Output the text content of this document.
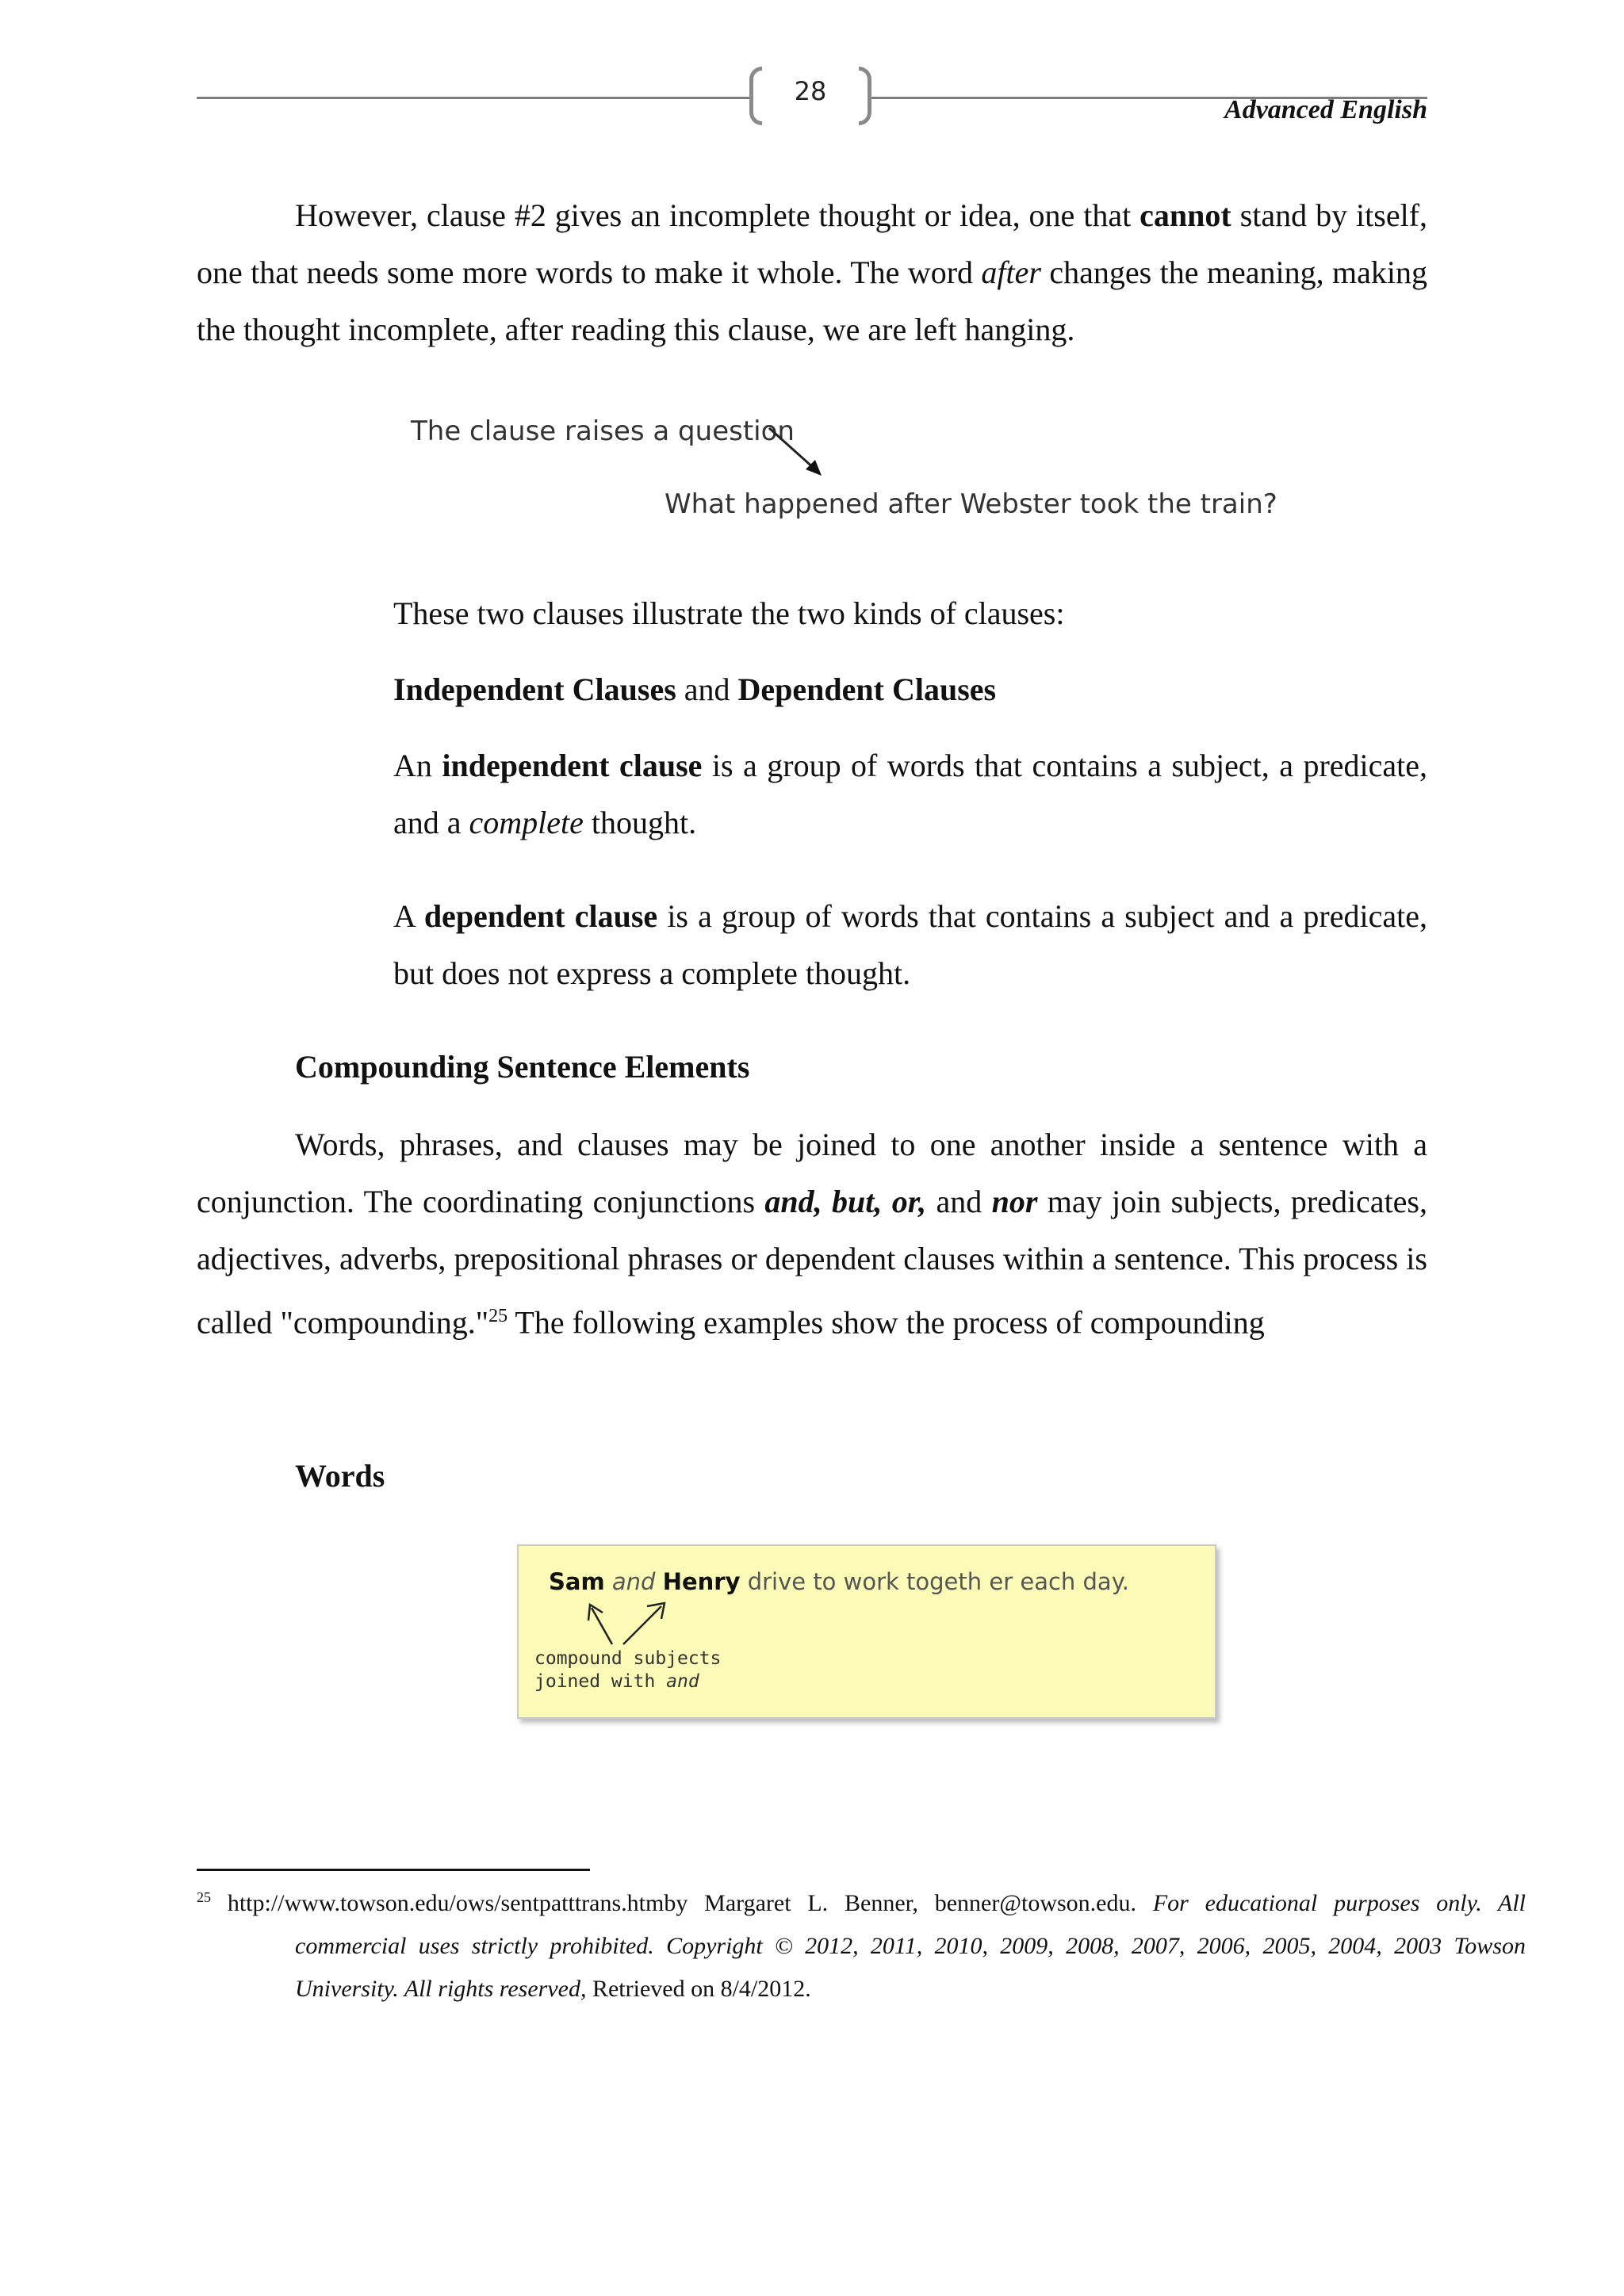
28
Advanced English

However, clause #2 gives an incomplete thought or idea, one that cannot stand by itself, one that needs some more words to make it whole. The word after changes the meaning, making the thought incomplete, after reading this clause, we are left hanging.

The clause raises a question
What happened after Webster took the train?

These two clauses illustrate the two kinds of clauses:

Independent Clauses and Dependent Clauses

An independent clause is a group of words that contains a subject, a predicate, and a complete thought.

A dependent clause is a group of words that contains a subject and a predicate, but does not express a complete thought.

Compounding Sentence Elements

Words, phrases, and clauses may be joined to one another inside a sentence with a conjunction. The coordinating conjunctions and, but, or, and nor may join subjects, predicates, adjectives, adverbs, prepositional phrases or dependent clauses within a sentence. This process is called "compounding."$^{25}$ The following examples show the process of compounding

Words
Sam and Henry drive to work togeth er each day.
compound subjects
joined with and

$^{25}$ http://www.towson.edu/ows/sentpatttrans.htmby Margaret L. Benner, benner@towson.edu. For educational purposes only. All commercial uses strictly prohibited. Copyright © 2012, 2011, 2010, 2009, 2008, 2007, 2006, 2005, 2004, 2003 Towson University. All rights reserved, Retrieved on 8/4/2012.
